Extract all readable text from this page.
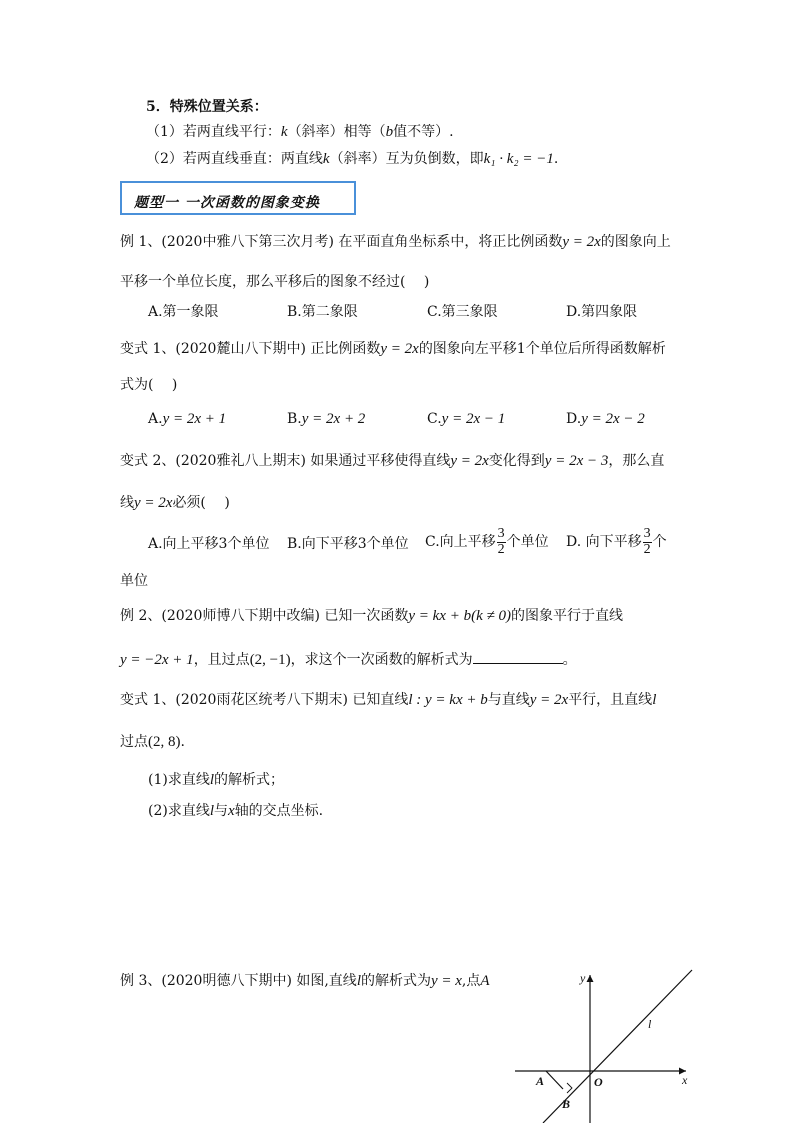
5．特殊位置关系：
（1）若两直线平行：k（斜率）相等（b值不等）.
（2）若两直线垂直：两直线k（斜率）互为负倒数，即k₁ · k₂ = −1.
题型一 一次函数的图象变换
例 1、(2020中雅八下第三次月考) 在平面直角坐标系中，将正比例函数y = 2x的图象向上
平移一个单位长度，那么平移后的图象不经过(　 )
A.第一象限	B.第二象限	C.第三象限	D.第四象限
变式 1、(2020麓山八下期中) 正比例函数y = 2x的图象向左平移1个单位后所得函数解析
式为(　 )
A.y = 2x + 1	B.y = 2x + 2	C.y = 2x − 1	D.y = 2x − 2
变式 2、(2020雅礼八上期末) 如果通过平移使得直线y = 2x变化得到y = 2x − 3，那么直
线y = 2x必须(　 )
A.向上平移3个单位 B.向下平移3个单位 C.向上平移 $\frac{3}{2}$ 个单位 D. 向下平移 $\frac{3}{2}$ 个
单位
例 2、(2020师博八下期中改编) 已知一次函数y = kx + b(k ≠ 0)的图象平行于直线
y = −2x + 1，且过点(2, −1)，求这个一次函数的解析式为	。
变式 1、(2020雨花区统考八下期末) 已知直线l : y = kx + b与直线y = 2x平行，且直线l
过点(2, 8).
(1)求直线l的解析式；
(2)求直线l与x轴的交点坐标.
例 3、(2020明德八下期中) 如图,直线l的解析式为y = x,点A	y
x
l
O
A
B
